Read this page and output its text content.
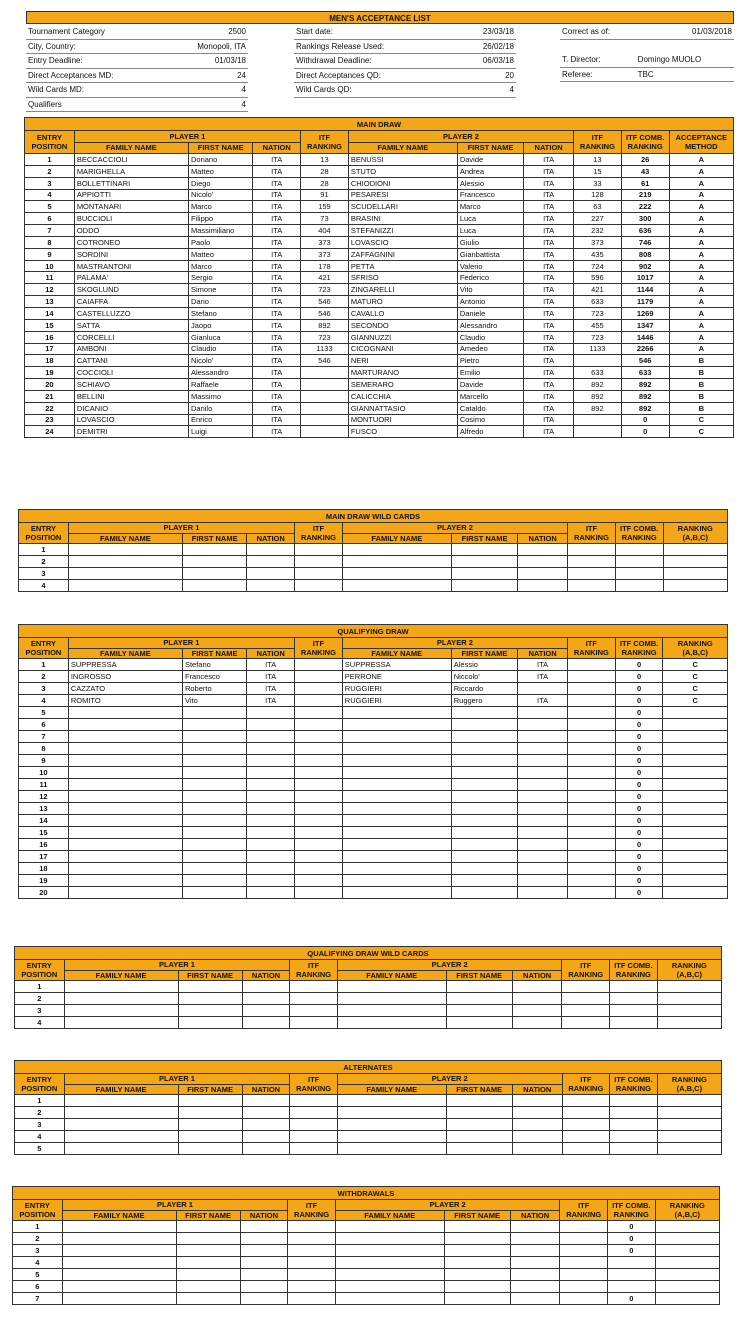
MEN'S ACCEPTANCE LIST
Tournament Category	2500
City, Country:	Monopoli, ITA
Entry Deadline:	01/03/18
Direct Acceptances MD:	24
Wild Cards MD:	4
Qualifiers	4
Start date:	23/03/18
Rankings Release Used:	26/02/18
Withdrawal Deadline:	06/03/18
Direct Acceptances QD:	20
Wild Cards QD:	4
Correct as of:	01/03/2018

T. Director:	Domingo MUOLO
Referee:	TBC
MAIN DRAW										
ENTRY POSITION	PLAYER 1			ITF RANKING	PLAYER 2			ITF RANKING	ITF COMB. RANKING	ACCEPTANCE METHOD
	FAMILY NAME	FIRST NAME	NATION		FAMILY NAME	FIRST NAME	NATION			
1	BECCACCIOLI	Doriano	ITA	13	BENUSSI	Davide	ITA	13	26	A
2	MARIGHELLA	Matteo	ITA	28	STUTO	Andrea	ITA	15	43	A
3	BOLLETTINARI	Diego	ITA	28	CHIODIONI	Alessio	ITA	33	61	A
4	APPIOTTI	Nicolo'	ITA	91	PESARESI	Francesco	ITA	128	219	A
5	MONTANARI	Marco	ITA	159	SCUDELLARI	Marco	ITA	63	222	A
6	BUCCIOLI	Filippo	ITA	73	BRASINI	Luca	ITA	227	300	A
7	ODDO	Massimiliano	ITA	404	STEFANIZZI	Luca	ITA	232	636	A
8	COTRONEO	Paolo	ITA	373	LOVASCIO	Giulio	ITA	373	746	A
9	SORDINI	Matteo	ITA	373	ZAFFAGNINI	Gianbattista	ITA	435	808	A
10	MASTRANTONI	Marco	ITA	178	PETTA	Valerio	ITA	724	902	A
11	PALAMA'	Sergio	ITA	421	SFRISO	Federico	ITA	596	1017	A
12	SKOGLUND	Simone	ITA	723	ZINGARELLI	Vito	ITA	421	1144	A
13	CAIAFFA	Dario	ITA	546	MATURO	Antonio	ITA	633	1179	A
14	CASTELLUZZO	Stefano	ITA	546	CAVALLO	Daniele	ITA	723	1269	A
15	SATTA	Jaopo	ITA	892	SECONDO	Alessandro	ITA	455	1347	A
16	CORCELLI	Gianluca	ITA	723	GIANNUZZI	Claudio	ITA	723	1446	A
17	AMBONI	Claudio	ITA	1133	CICOGNANI	Amedeo	ITA	1133	2266	A
18	CATTANI	Nicolo'	ITA	546	NERI	Pietro	ITA		546	B
19	COCCIOLI	Alessandro	ITA		MARTURANO	Emilio	ITA	633	633	B
20	SCHIAVO	Raffaele	ITA		SEMERARO	Davide	ITA	892	892	B
21	BELLINI	Massimo	ITA		CALICCHIA	Marcello	ITA	892	892	B
22	DICANIO	Danilo	ITA		GIANNATTASIO	Cataldo	ITA	892	892	B
23	LOVASCIO	Enrico	ITA		MONTUORI	Cosimo	ITA		0	C
24	DEMITRI	Luigi	ITA		FUSCO	Alfredo	ITA		0	C
MAIN DRAW WILD CARDS										
ENTRY POSITION	PLAYER 1			ITF RANKING	PLAYER 2			ITF RANKING	ITF COMB. RANKING	RANKING (A,B,C)
	FAMILY NAME	FIRST NAME	NATION		FAMILY NAME	FIRST NAME	NATION			
1										
2										
3										
4										
QUALIFYING DRAW										
ENTRY POSITION	PLAYER 1			ITF RANKING	PLAYER 2			ITF RANKING	ITF COMB. RANKING	RANKING (A,B,C)
	FAMILY NAME	FIRST NAME	NATION		FAMILY NAME	FIRST NAME	NATION			
1	SUPPRESSA	Stefano	ITA		SUPPRESSA	Alessio	ITA		0	C
2	INGROSSO	Francesco	ITA		PERRONE	Niccolo'	ITA		0	C
3	CAZZATO	Roberto	ITA		RUGGIERI	Riccardo			0	C
4	ROMITO	Vito	ITA		RUGGIERI	Ruggero	ITA		0	C
5									0	
6									0	
7									0	
8									0	
9									0	
10									0	
11									0	
12									0	
13									0	
14									0	
15									0	
16									0	
17									0	
18									0	
19									0	
20									0	
QUALIFYING DRAW WILD CARDS										
ENTRY POSITION	PLAYER 1			ITF RANKING	PLAYER 2			ITF RANKING	ITF COMB. RANKING	RANKING (A,B,C)
	FAMILY NAME	FIRST NAME	NATION		FAMILY NAME	FIRST NAME	NATION			
1										
2										
3										
4										
ALTERNATES										
ENTRY POSITION	PLAYER 1			ITF RANKING	PLAYER 2			ITF RANKING	ITF COMB. RANKING	RANKING (A,B,C)
	FAMILY NAME	FIRST NAME	NATION		FAMILY NAME	FIRST NAME	NATION			
1										
2										
3										
4										
5										
WITHDRAWALS										
ENTRY POSITION	PLAYER 1			ITF RANKING	PLAYER 2			ITF RANKING	ITF COMB. RANKING	RANKING (A,B,C)
	FAMILY NAME	FIRST NAME	NATION		FAMILY NAME	FIRST NAME	NATION			
1									0	
2									0	
3									0	
4										
5										
6										
7									0	
